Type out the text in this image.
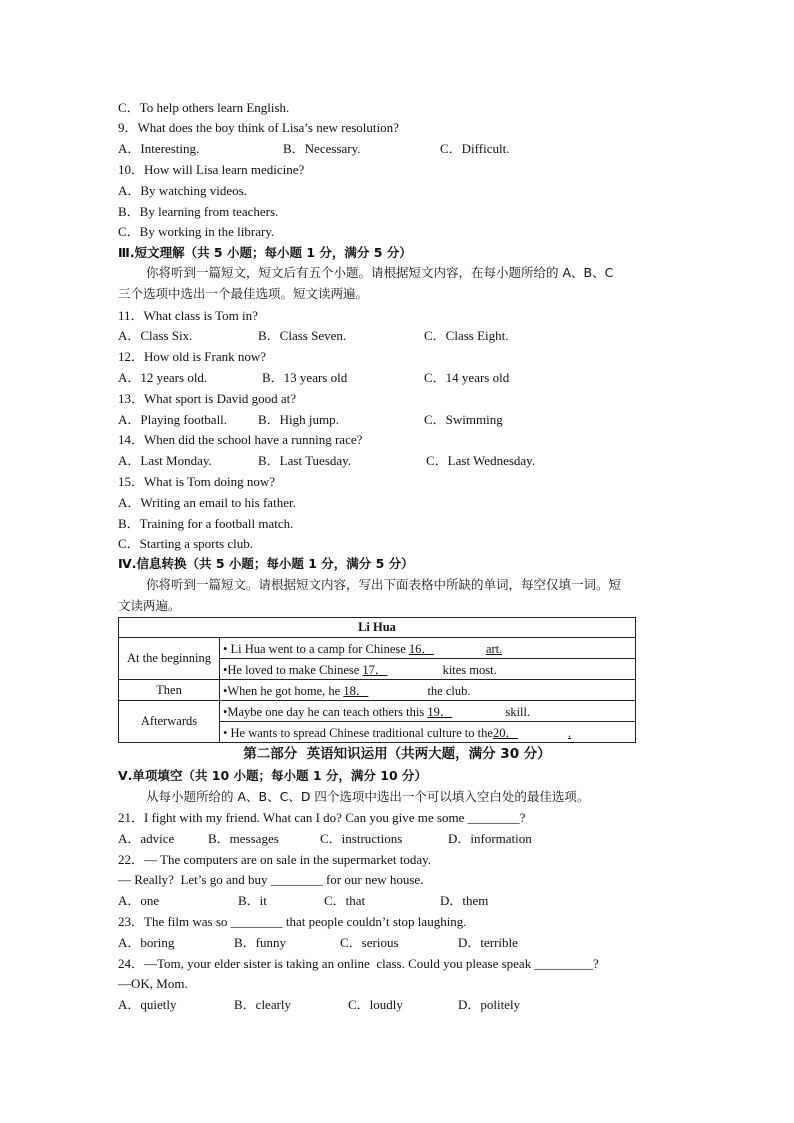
C．To help others learn English.
9．What does the boy think of Lisa’s new resolution?
A．Interesting.	B．Necessary.	C．Difficult.
10．How will Lisa learn medicine?
A．By watching videos.
B．By learning from teachers.
C．By working in the library.
Ⅲ.短文理解（共 5 小题；每小题 1 分，满分 5 分）
你将听到一篇短文，短文后有五个小题。请根据短文内容，在每小题所给的 A、B、C
三个选项中选出一个最佳选项。短文读两遍。
11．What class is Tom in?
A．Class Six.	B．Class Seven.	C．Class Eight.
12．How old is Frank now?
A．12 years old.	B．13 years old	C．14 years old
13．What sport is David good at?
A．Playing football. B．High jump.	C．Swimming
14．When did the school have a running race?
A．Last Monday.	B．Last Tuesday.	C．Last Wednesday.
15．What is Tom doing now?
A．Writing an email to his father.
B．Training for a football match.
C．Starting a sports club.
Ⅳ.信息转换（共 5 小题；每小题 1 分，满分 5 分）
你将听到一篇短文。请根据短文内容，写出下面表格中所缺的单词，每空仅填一词。短
文读两遍。
Li Hua	
At the beginning	• Li Hua went to a camp for Chinese 16． art.
	•He loved to make Chinese 17． kites most.
Then	•When he got home, he 18． the club.
Afterwards	•Maybe one day he can teach others this 19． skill.
	• He wants to spread Chinese traditional culture to the20． .
第二部分  英语知识运用（共两大题，满分 30 分）
Ⅴ.单项填空（共 10 小题；每小题 1 分，满分 10 分）
从每小题所给的 A、B、C、D 四个选项中选出一个可以填入空白处的最佳选项。
21．I fight with my friend. What can I do? Can you give me some ________?
A．advice	B．messages	C．instructions	D．information
22．— The computers are on sale in the supermarket today.
— Really?  Let’s go and buy ________ for our new house.
A．one	B．it	C．that	D．them
23．The film was so ________ that people couldn’t stop laughing.
A．boring	B．funny	C．serious	D．terrible
24．—Tom, your elder sister is taking an online  class. Could you please speak _________?
—OK, Mom.
A．quietly	B．clearly	C．loudly	D．politely
